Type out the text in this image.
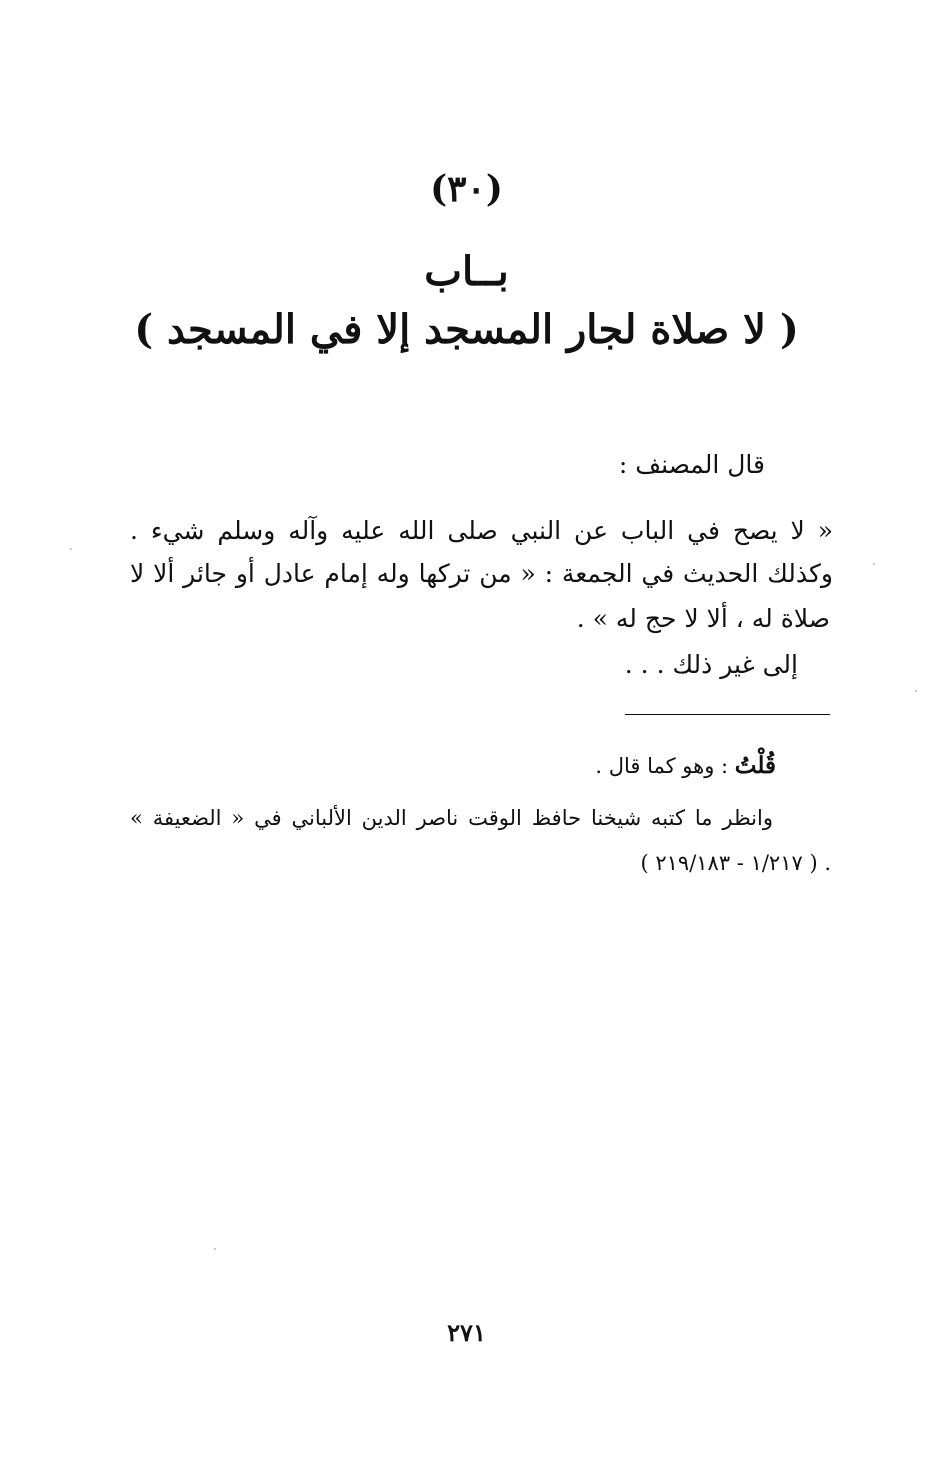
(٣٠)
بــاب
( لا صلاة لجار المسجد إلا في المسجد )
قال المصنف :
« لا يصح في الباب عن النبي صلى الله عليه وآله وسلم شيء .
وكذلك الحديث في الجمعة : « من تركها وله إمام عادل أو جائر ألا لا
صلاة له ، ألا لا حج له » .
إلى غير ذلك . . .
قُلْتُ : وهو كما قال .
وانظر ما كتبه شيخنا حافظ الوقت ناصر الدين الألباني في « الضعيفة »
( ١/٢١٧ - ٢١٩/١٨٣ ) .
٢٧١
